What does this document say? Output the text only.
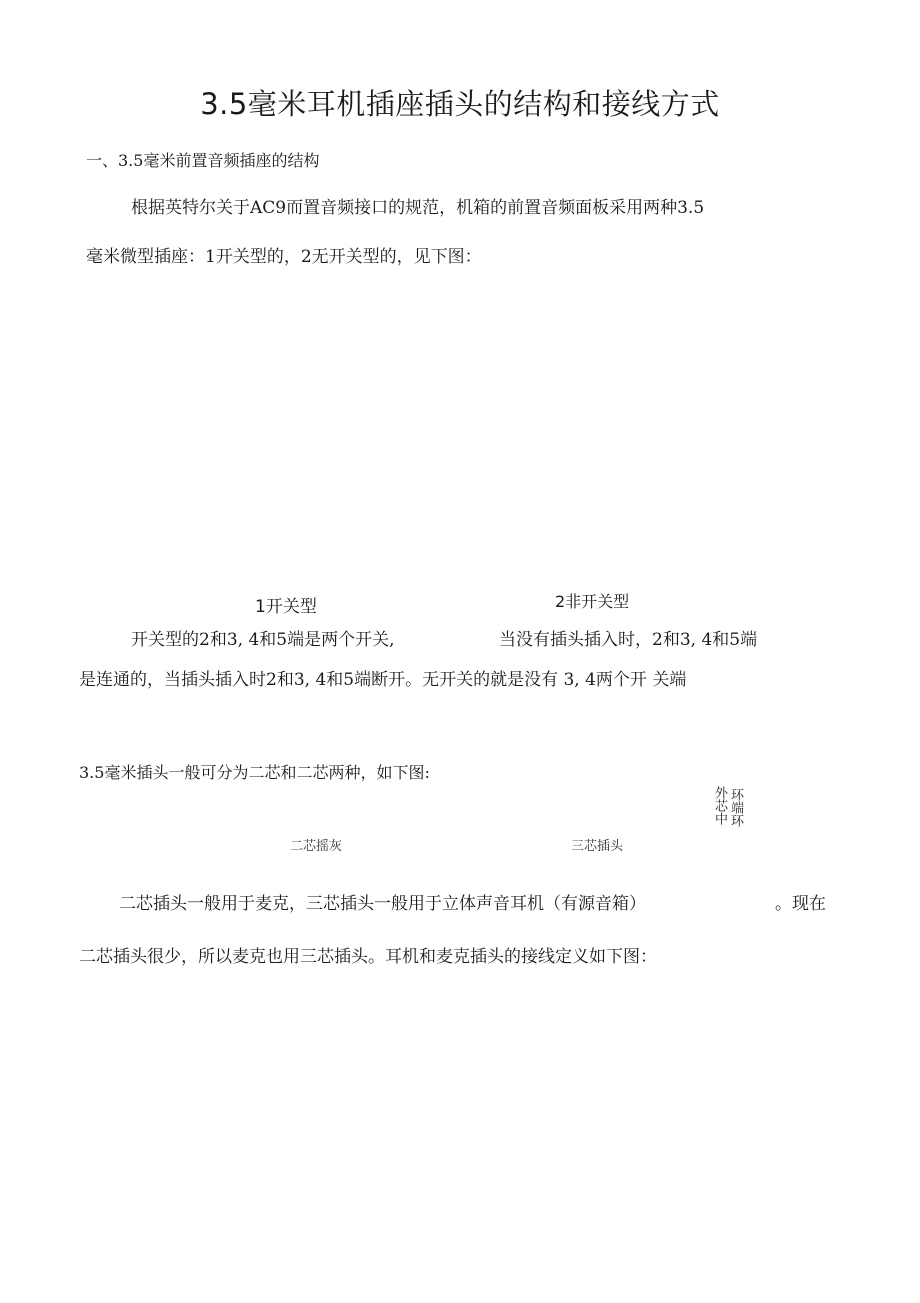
3.5毫米耳机插座插头的结构和接线方式
一、3.5毫米前置音频插座的结构
根据英特尔关于AC9而置音频接口的规范，机箱的前置音频面板采用两种3.5
毫米微型插座：1开关型的，2无开关型的，见下图：
1开关型	2非开关型
开关型的2和3, 4和5端是两个开关,	当没有插头插入时，2和3, 4和5端
是连通的，当插头插入时2和3, 4和5端断开。无开关的就是没有 3, 4两个开 关端
3.5毫米插头一般可分为二芯和二芯两种，如下图:
环端环
外芯中
二芯摇灰	三芯插头
二芯插头一般用于麦克，三芯插头一般用于立体声音耳机（有源音箱）	。现在
二芯插头很少，所以麦克也用三芯插头。耳机和麦克插头的接线定义如下图：
